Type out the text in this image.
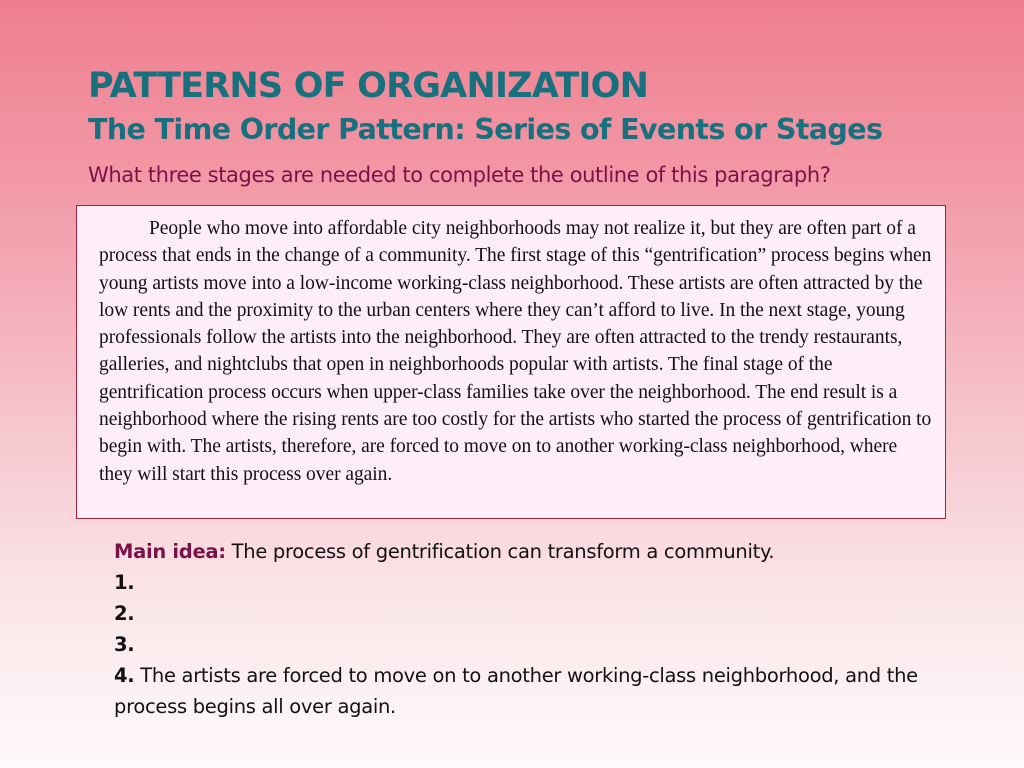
PATTERNS OF ORGANIZATION
The Time Order Pattern: Series of Events or Stages

What three stages are needed to complete the outline of this paragraph?

People who move into affordable city neighborhoods may not realize it, but they are often part of a process that ends in the change of a community. The first stage of this “gentrification” process begins when young artists move into a low-income working-class neighborhood. These artists are often attracted by the low rents and the proximity to the urban centers where they can’t afford to live. In the next stage, young professionals follow the artists into the neighborhood. They are often attracted to the trendy restaurants, galleries, and nightclubs that open in neighborhoods popular with artists. The final stage of the gentrification process occurs when upper-class families take over the neighborhood. The end result is a neighborhood where the rising rents are too costly for the artists who started the process of gentrification to begin with. The artists, therefore, are forced to move on to another working-class neighborhood, where they will start this process over again.

Main idea: The process of gentrification can transform a community.
1.
2.
3.
4. The artists are forced to move on to another working-class neighborhood, and the process begins all over again.
